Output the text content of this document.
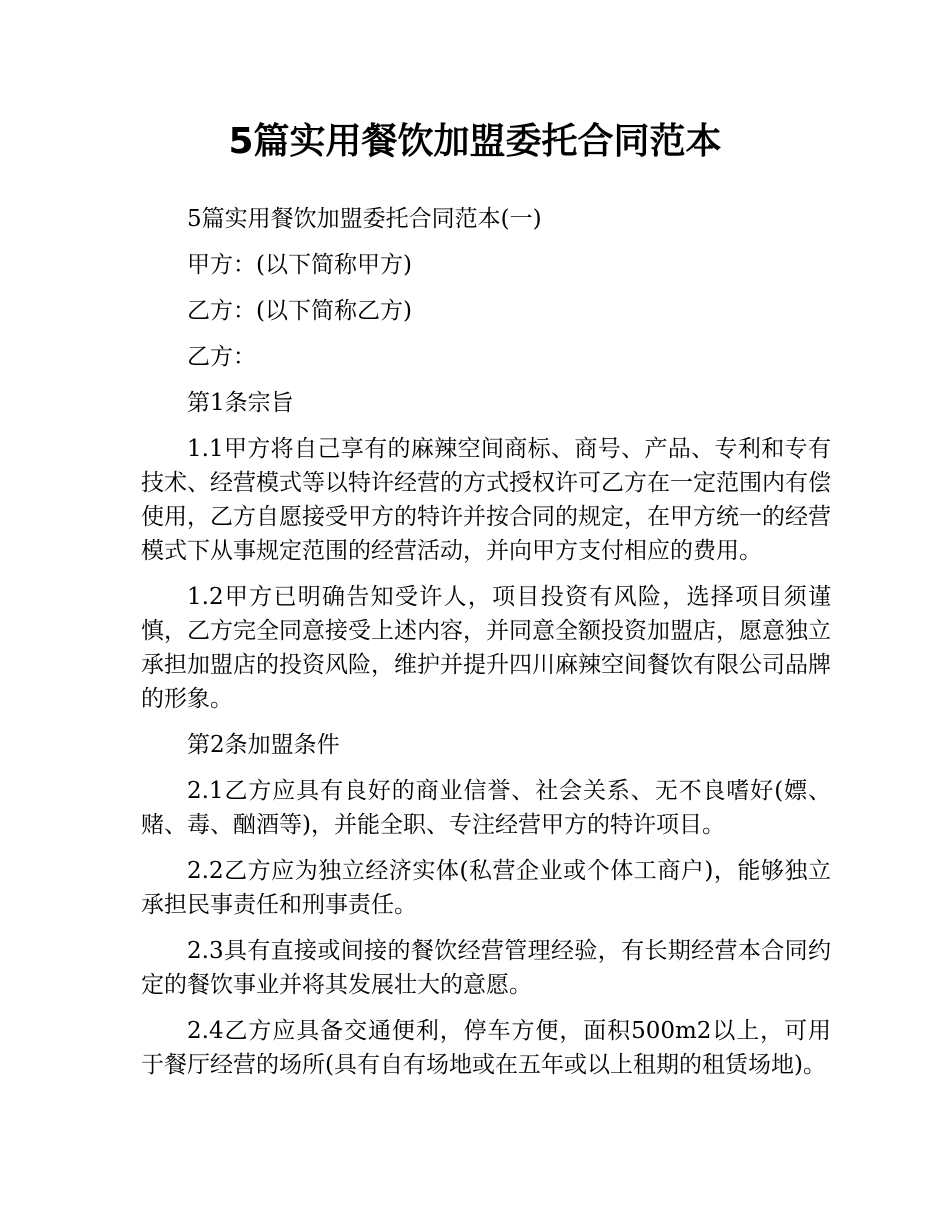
5篇实用餐饮加盟委托合同范本

5篇实用餐饮加盟委托合同范本(一)

甲方：(以下简称甲方)

乙方：(以下简称乙方)

乙方：

第1条宗旨

1.1甲方将自己享有的麻辣空间商标、商号、产品、专利和专有技术、经营模式等以特许经营的方式授权许可乙方在一定范围内有偿使用，乙方自愿接受甲方的特许并按合同的规定，在甲方统一的经营模式下从事规定范围的经营活动，并向甲方支付相应的费用。

1.2甲方已明确告知受许人，项目投资有风险，选择项目须谨慎，乙方完全同意接受上述内容，并同意全额投资加盟店，愿意独立承担加盟店的投资风险，维护并提升四川麻辣空间餐饮有限公司品牌的形象。

第2条加盟条件

2.1乙方应具有良好的商业信誉、社会关系、无不良嗜好(嫖、赌、毒、酗酒等)，并能全职、专注经营甲方的特许项目。

2.2乙方应为独立经济实体(私营企业或个体工商户)，能够独立承担民事责任和刑事责任。

2.3具有直接或间接的餐饮经营管理经验，有长期经营本合同约定的餐饮事业并将其发展壮大的意愿。

2.4乙方应具备交通便利，停车方便，面积500m2以上，可用于餐厅经营的场所(具有自有场地或在五年或以上租期的租赁场地)。
